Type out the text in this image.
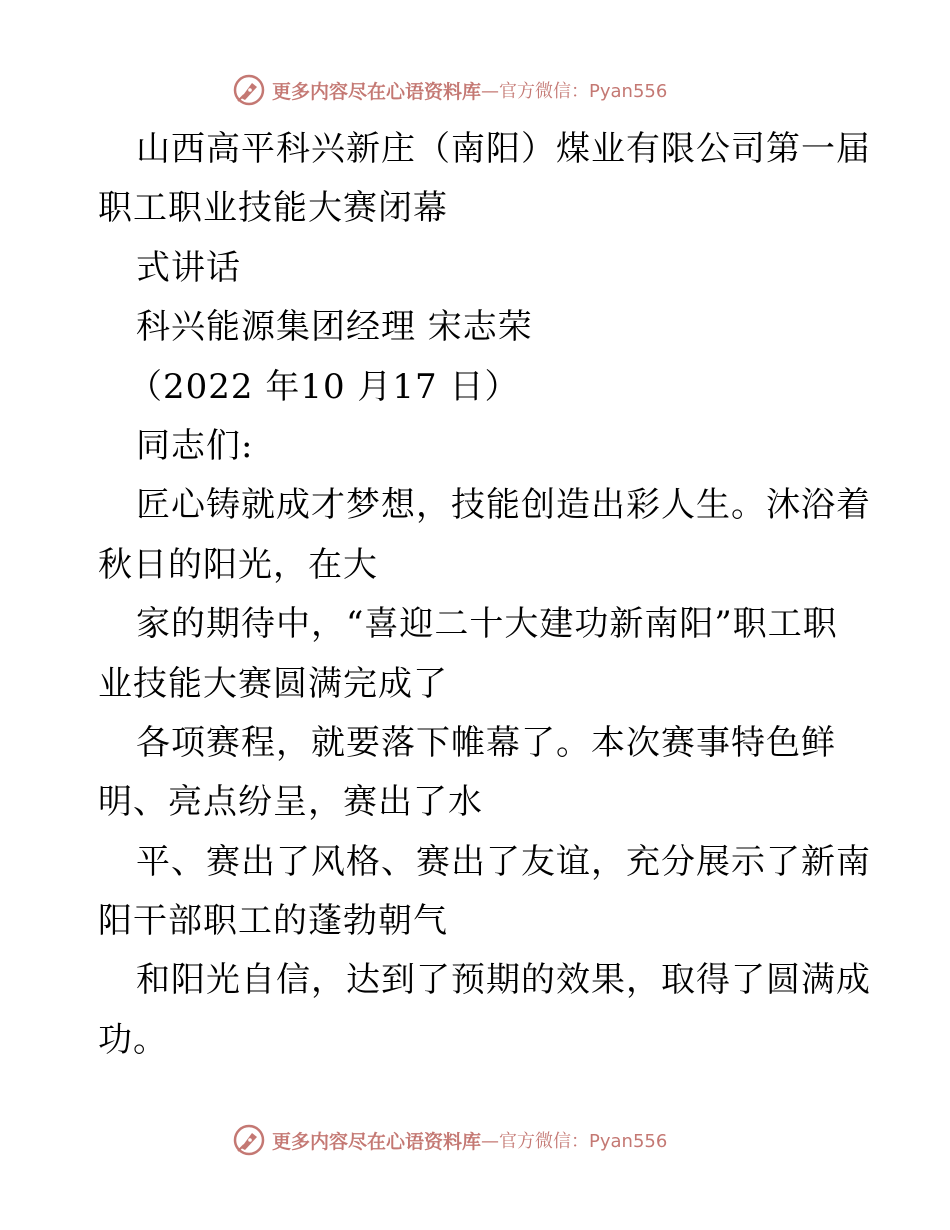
更多内容尽在心语资料库 —官方微信：Pyan556
山西高平科兴新庄（南阳）煤业有限公司第一届
职工职业技能大赛闭幕
式讲话
科兴能源集团经理 宋志荣
（2022 年10 月17 日）
同志们:
匠心铸就成才梦想，技能创造出彩人生。沐浴着
秋日的阳光，在大
家的期待中，“喜迎二十大建功新南阳”职工职
业技能大赛圆满完成了
各项赛程，就要落下帷幕了。本次赛事特色鲜
明、亮点纷呈，赛出了水
平、赛出了风格、赛出了友谊，充分展示了新南
阳干部职工的蓬勃朝气
和阳光自信，达到了预期的效果，取得了圆满成
功。
更多内容尽在心语资料库 —官方微信：Pyan556
